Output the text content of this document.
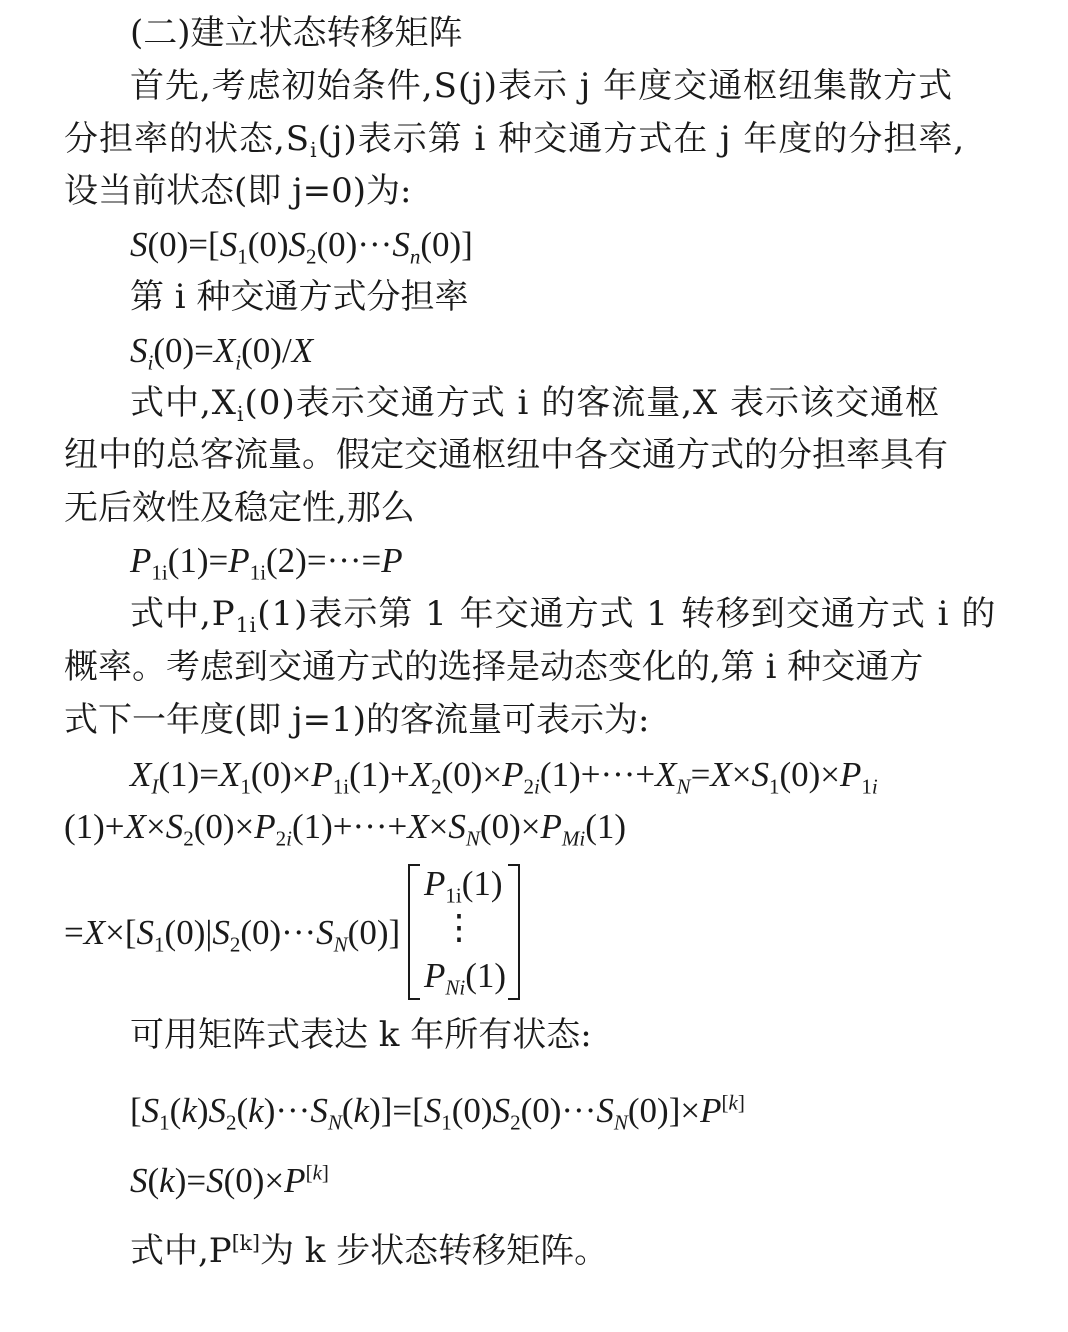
(二)建立状态转移矩阵
首先,考虑初始条件,S(j)表示 j 年度交通枢纽集散方式
分担率的状态$,S_i(j)$表示第 i 种交通方式在 j 年度的分担率,
设当前状态(即 j=0)为:
$S(0)=[S_1(0)S_2(0)\cdot\cdot\cdot S_n(0)]$
第 i 种交通方式分担率
$S_i(0)=X_i(0)/X$
式中$,X_i(0)$表示交通方式 i 的客流量,X 表示该交通枢
纽中的总客流量。假定交通枢纽中各交通方式的分担率具有
无后效性及稳定性,那么
$P_{1i}(1)=P_{1i}(2)=\cdot\cdot\cdot=P$
式中$,P_{1i}(1)$表示第 1 年交通方式 1 转移到交通方式 i 的
概率。考虑到交通方式的选择是动态变化的,第 i 种交通方
式下一年度(即 j=1)的客流量可表示为:
$X_I(1)=X_1(0)\times P_{1i}(1)+X_2(0)\times P_{2i}(1)+\cdot\cdot\cdot+X_N=X\times S_1(0)\times P_{1i}$
$(1)+X\times S_2(0)\times P_{2i}(1)+\cdot\cdot\cdot+X\times S_N(0)\times P_{Mi}(1)$
$=X\times[S_1(0)|S_2(0)\cdot\cdot\cdot S_N(0)]$
$P_{1i}(1)$
⋮
$P_{Ni}(1)$
可用矩阵式表达 k 年所有状态:
$[S_1(k)S_2(k)\cdot\cdot\cdot S_N(k)]=[S_1(0)S_2(0)\cdot\cdot\cdot S_N(0)]\times P[k]$
S(k)=S(0)×P[k]
式中,P[k]为 k 步状态转移矩阵。
